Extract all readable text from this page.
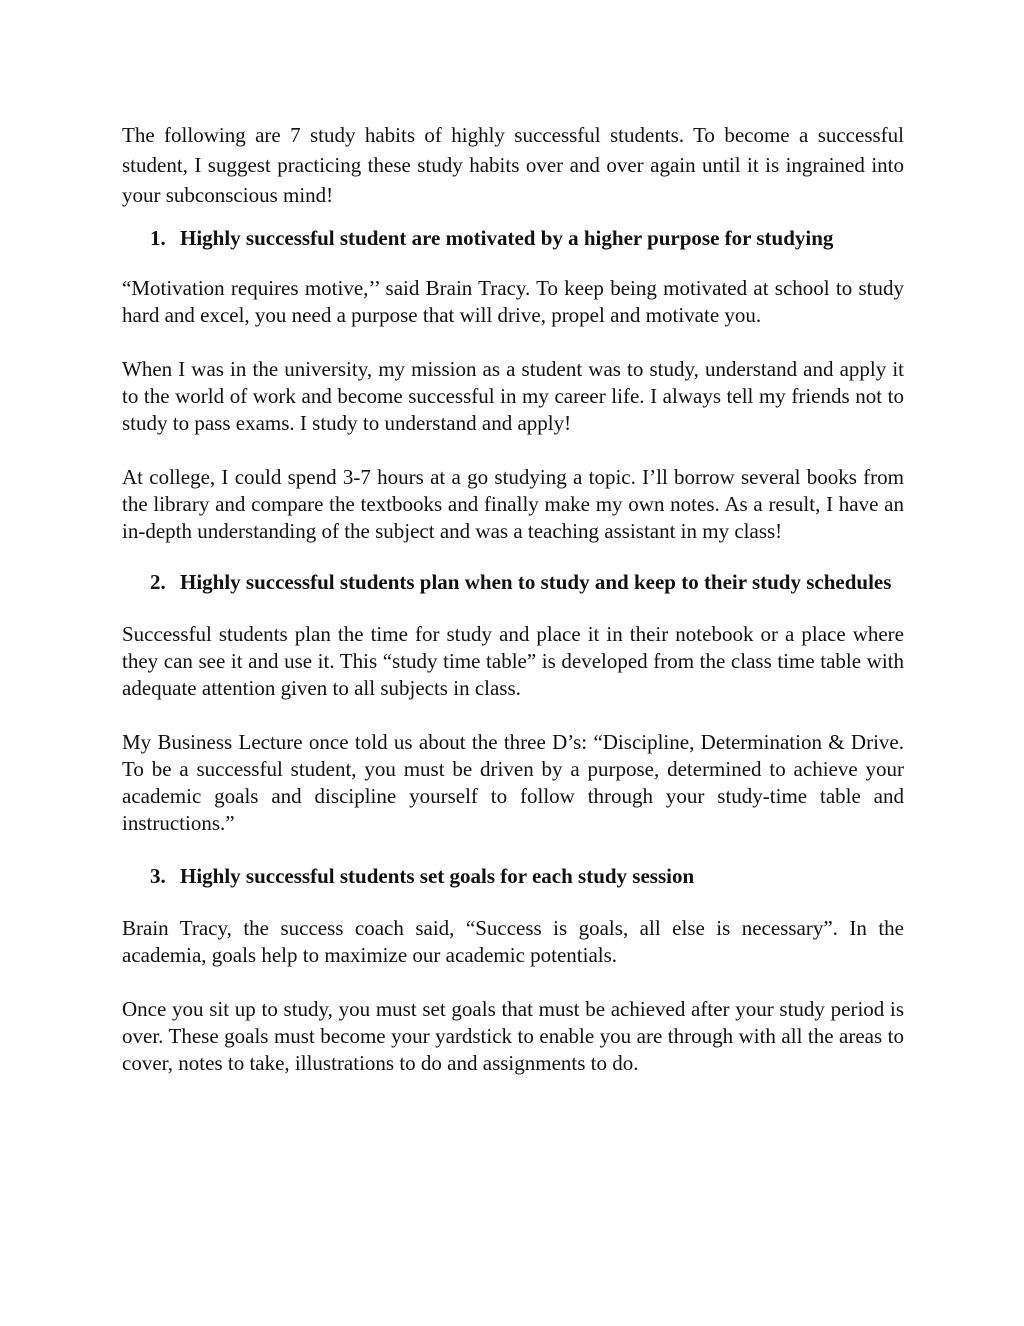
The following are 7 study habits of highly successful students. To become a successful student, I suggest practicing these study habits over and over again until it is ingrained into your subconscious mind!

1. Highly successful student are motivated by a higher purpose for studying

“Motivation requires motive,’’ said Brain Tracy. To keep being motivated at school to study hard and excel, you need a purpose that will drive, propel and motivate you.

When I was in the university, my mission as a student was to study, understand and apply it to the world of work and become successful in my career life. I always tell my friends not to study to pass exams. I study to understand and apply!

At college, I could spend 3-7 hours at a go studying a topic. I’ll borrow several books from the library and compare the textbooks and finally make my own notes. As a result, I have an in-depth understanding of the subject and was a teaching assistant in my class!

2. Highly successful students plan when to study and keep to their study schedules

Successful students plan the time for study and place it in their notebook or a place where they can see it and use it. This “study time table” is developed from the class time table with adequate attention given to all subjects in class.

My Business Lecture once told us about the three D’s: “Discipline, Determination & Drive. To be a successful student, you must be driven by a purpose, determined to achieve your academic goals and discipline yourself to follow through your study-time table and instructions.”

3. Highly successful students set goals for each study session

Brain Tracy, the success coach said, “Success is goals, all else is necessary”. In the academia, goals help to maximize our academic potentials.

Once you sit up to study, you must set goals that must be achieved after your study period is over. These goals must become your yardstick to enable you are through with all the areas to cover, notes to take, illustrations to do and assignments to do.
